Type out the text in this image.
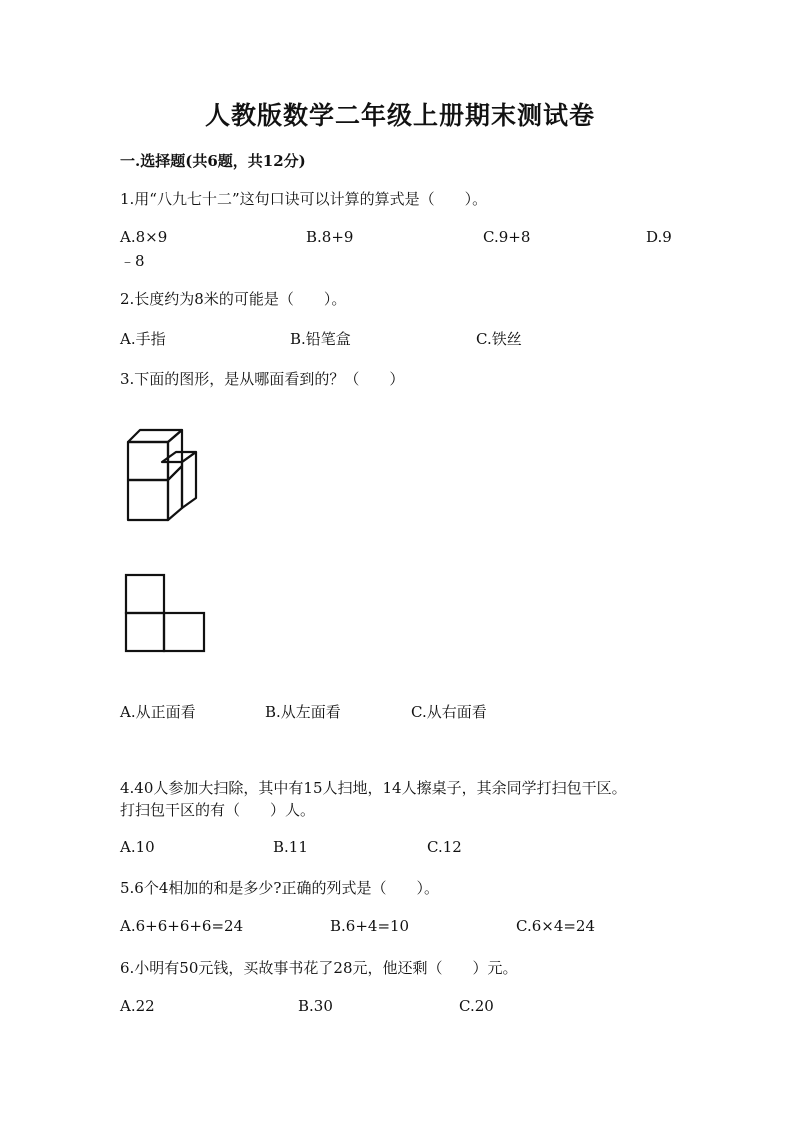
人教版数学二年级上册期末测试卷
一.选择题(共6题，共12分)
1.用“八九七十二”这句口诀可以计算的算式是（　　）。
A.8×9	B.8+9	C.9+8	D.9
﹣8
2.长度约为8米的可能是（　　）。
A.手指	B.铅笔盒	C.铁丝
3.下面的图形，是从哪面看到的？（　　）
A.从正面看	B.从左面看	C.从右面看
4.40人参加大扫除，其中有15人扫地，14人擦桌子，其余同学打扫包干区。
打扫包干区的有（　　）人。
A.10	B.11	C.12
5.6个4相加的和是多少?正确的列式是（　　）。
A.6+6+6+6=24	B.6+4=10	C.6×4=24
6.小明有50元钱，买故事书花了28元，他还剩（　　）元。
A.22	B.30	C.20
